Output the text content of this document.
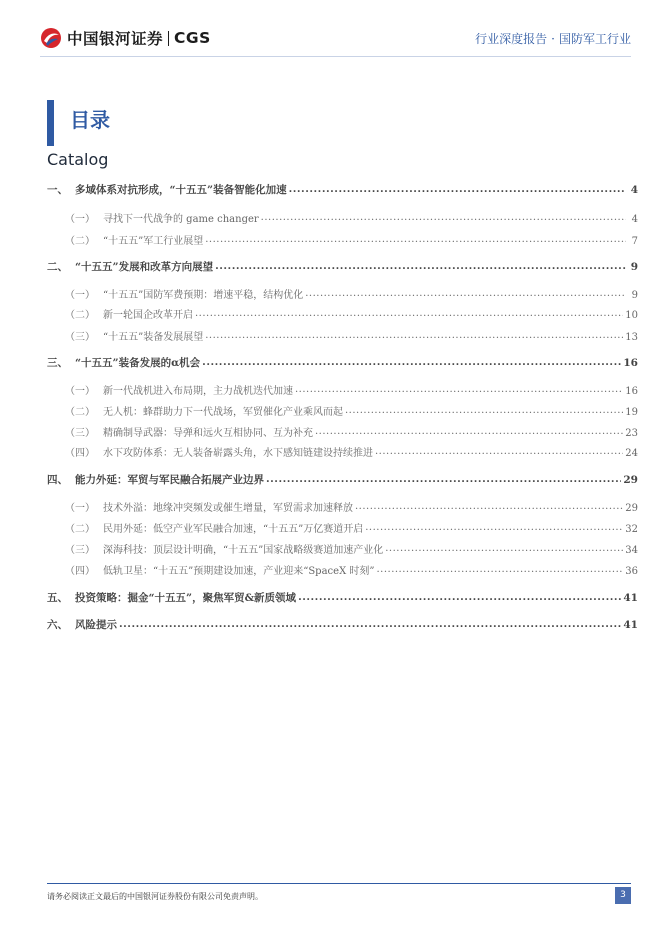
中国银河证券 CGS	行业深度报告 · 国防军工行业
目录
Catalog
一、 多域体系对抗形成，“十五五”装备智能化加速 .....	4
（一） 寻找下一代战争的 game changer .....	4
（二） “十五五”军工行业展望 .....	7
二、 “十五五”发展和改革方向展望 .....	9
（一） “十五五”国防军费预期：增速平稳，结构优化 .....	9
（二） 新一轮国企改革开启 .....	10
（三） “十五五”装备发展展望 .....	13
三、 “十五五”装备发展的α机会 .....	16
（一） 新一代战机进入布局期，主力战机迭代加速 .....	16
（二） 无人机：蜂群助力下一代战场，军贸催化产业乘风而起 .....	19
（三） 精确制导武器：导弹和远火互相协同、互为补充 .....	23
（四） 水下攻防体系：无人装备崭露头角，水下感知链建设持续推进 .....	24
四、 能力外延：军贸与军民融合拓展产业边界 .....	29
（一） 技术外溢：地缘冲突频发或催生增量，军贸需求加速释放 .....	29
（二） 民用外延：低空产业军民融合加速，“十五五”万亿赛道开启 .....	32
（三） 深海科技：顶层设计明确，“十五五”国家战略级赛道加速产业化 .....	34
（四） 低轨卫星：“十五五”预期建设加速，产业迎来“SpaceX 时刻” .....	36
五、 投资策略：掘金“十五五”，聚焦军贸&新质领域 .....	41
六、 风险提示 .....	41
请务必阅读正文最后的中国银河证券股份有限公司免责声明。	3
